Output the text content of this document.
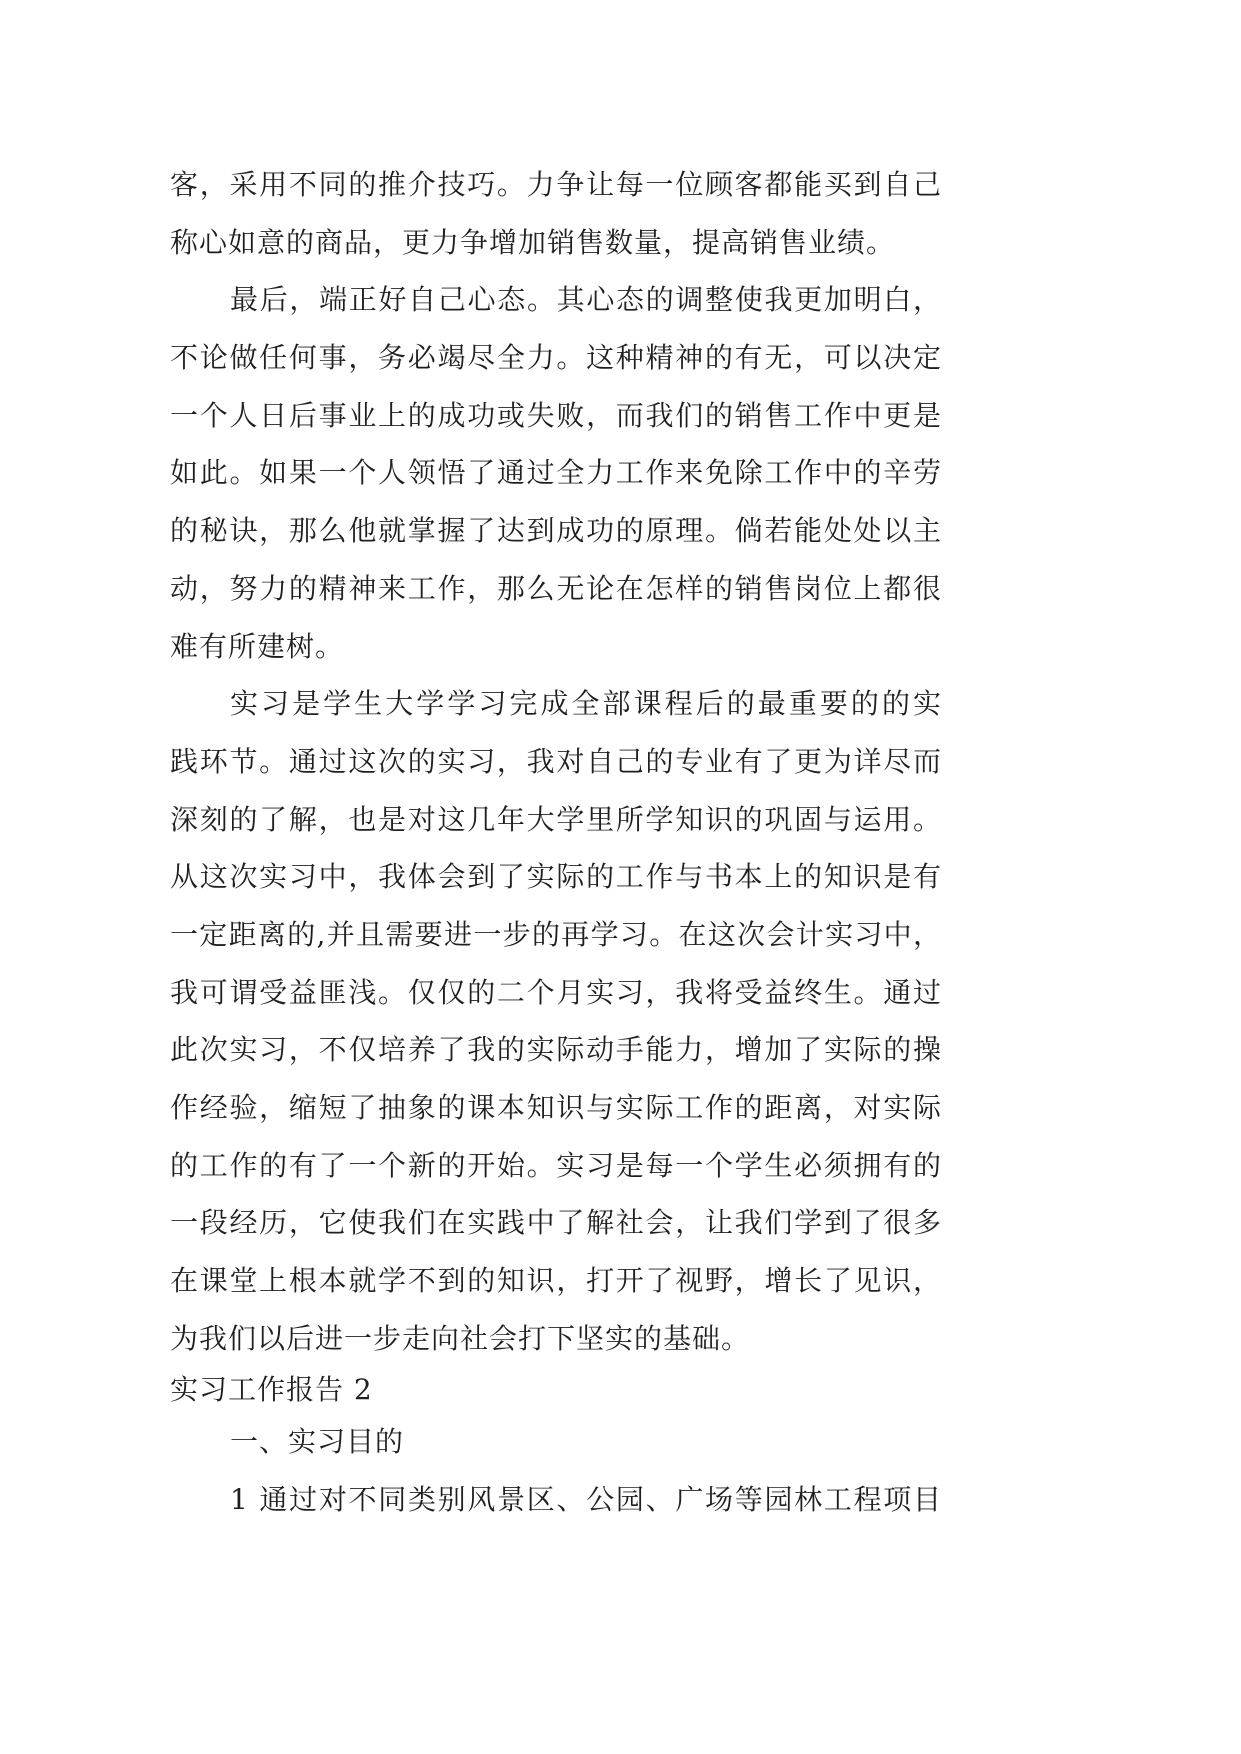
客，采用不同的推介技巧。力争让每一位顾客都能买到自己
称心如意的商品，更力争增加销售数量，提高销售业绩。
最后，端正好自己心态。其心态的调整使我更加明白，
不论做任何事，务必竭尽全力。这种精神的有无，可以决定
一个人日后事业上的成功或失败，而我们的销售工作中更是
如此。如果一个人领悟了通过全力工作来免除工作中的辛劳
的秘诀，那么他就掌握了达到成功的原理。倘若能处处以主
动，努力的精神来工作，那么无论在怎样的销售岗位上都很
难有所建树。
实习是学生大学学习完成全部课程后的最重要的的实
践环节。通过这次的实习，我对自己的专业有了更为详尽而
深刻的了解，也是对这几年大学里所学知识的巩固与运用。
从这次实习中，我体会到了实际的工作与书本上的知识是有
一定距离的,并且需要进一步的再学习。在这次会计实习中，
我可谓受益匪浅。仅仅的二个月实习，我将受益终生。通过
此次实习，不仅培养了我的实际动手能力，增加了实际的操
作经验，缩短了抽象的课本知识与实际工作的距离，对实际
的工作的有了一个新的开始。实习是每一个学生必须拥有的
一段经历，它使我们在实践中了解社会，让我们学到了很多
在课堂上根本就学不到的知识，打开了视野，增长了见识，
为我们以后进一步走向社会打下坚实的基础。
实习工作报告 2
一、实习目的
1 通过对不同类别风景区、公园、广场等园林工程项目
